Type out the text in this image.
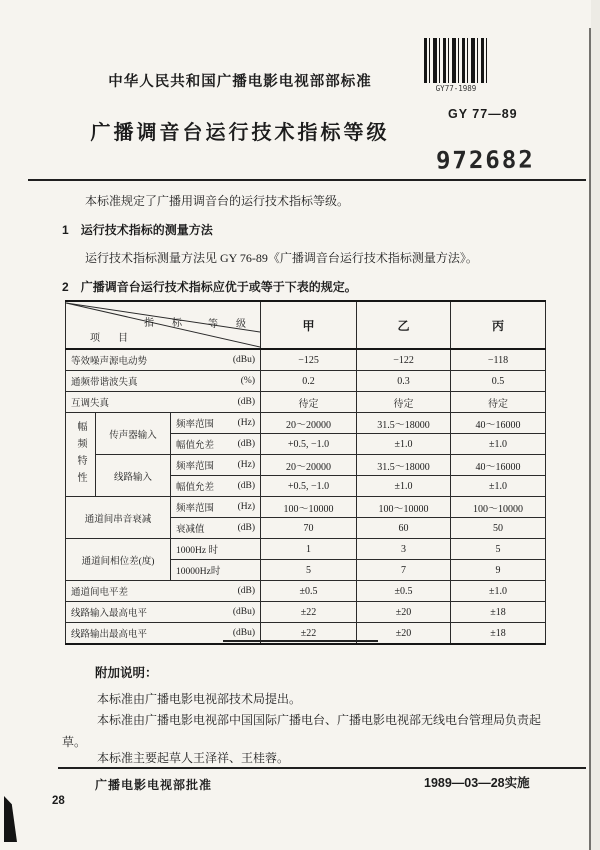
中华人民共和国广播电影电视部部标准	GY77-1989
GY 77—89
广播调音台运行技术指标等级
972682
本标准规定了广播用调音台的运行技术指标等级。
1 运行技术指标的测量方法
运行技术指标测量方法见 GY 76-89《广播调音台运行技术指标测量方法》。
2 广播调音台运行技术指标应优于或等于下表的规定。
等　级
指　标
项　目			甲	乙	丙

等效噪声源电动势 (dBu)			−125	−122	−118

通频带谐波失真 (%)			0.2	0.3	0.5

互调失真 (dB)			待定	待定	待定
幅频特性	传声器输入	频率范围 (Hz)	20～20000	31.5～18000	40～16000

		幅值允差 (dB)	+0.5, −1.0	±1.0	±1.0
	线路输入	频率范围 (Hz)	20～20000	31.5～18000	40～16000

		幅值允差 (dB)	+0.5, −1.0	±1.0	±1.0
通道间串音衰减		频率范围 (Hz)	100～10000	100～10000	100～10000

		衰减值 (dB)	70	60	50
通道间相位差(度)		1000Hz 时	1	3	5
		10000Hz时	5	7	9

通道间电平差 (dB)			±0.5	±0.5	±1.0

线路输入最高电平 (dBu)			±22	±20	±18

线路输出最高电平 (dBu)			±22	±20	±18
附加说明：
本标准由广播电影电视部技术局提出。
本标准由广播电影电视部中国国际广播电台、广播电影电视部无线电台管理局负责起
草。
本标准主要起草人王泽祥、王桂蓉。
广播电影电视部批准	1989—03—28实施
28
